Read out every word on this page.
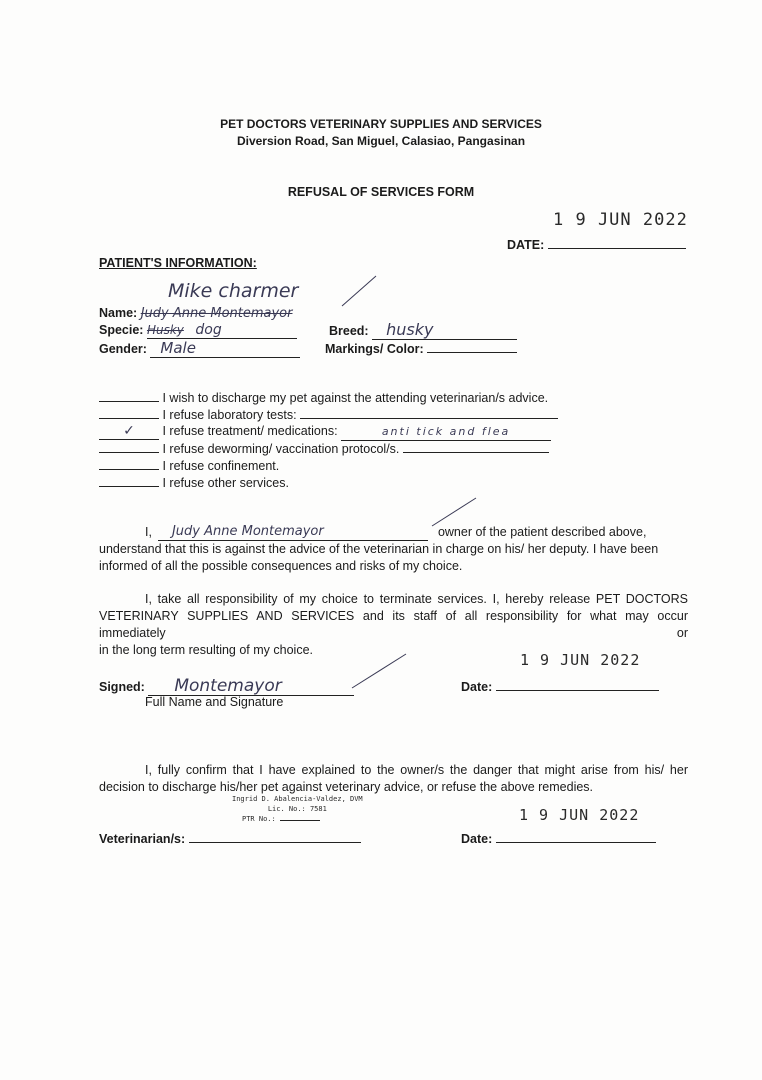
PET DOCTORS VETERINARY SUPPLIES AND SERVICES
Diversion Road, San Miguel, Calasiao, Pangasinan
REFUSAL OF SERVICES FORM
1 9 JUN 2022
DATE:
PATIENT'S INFORMATION:
Mike charmer
Name: Judy Anne Montemayor
Specie: Husky dog	Breed: husky
Gender: Male	Markings/ Color:
I wish to discharge my pet against the attending veterinarian/s advice.
I refuse laboratory tests:
✓ I refuse treatment/ medications:	anti tick and flea
I refuse deworming/ vaccination protocol/s.
I refuse confinement.
I refuse other services.
I,	Judy Anne Montemayor	owner of the patient described above,
understand that this is against the advice of the veterinarian in charge on his/ her deputy. I have been
informed of all the possible consequences and risks of my choice.
I, take all responsibility of my choice to terminate services. I, hereby release PET DOCTORS
VETERINARY SUPPLIES AND SERVICES and its staff of all responsibility for what may occur immediately or
in the long term resulting of my choice.
1 9 JUN 2022
Signed: Montemayor
Full Name and Signature
Date:
I, fully confirm that I have explained to the owner/s the danger that might arise from his/ her
decision to discharge his/her pet against veterinary advice, or refuse the above remedies.
Ingrid D. Abalencia-Valdez, DVM
Lic. No.: 7581
PTR No.:	1 9 JUN 2022
Veterinarian/s:	Date:
